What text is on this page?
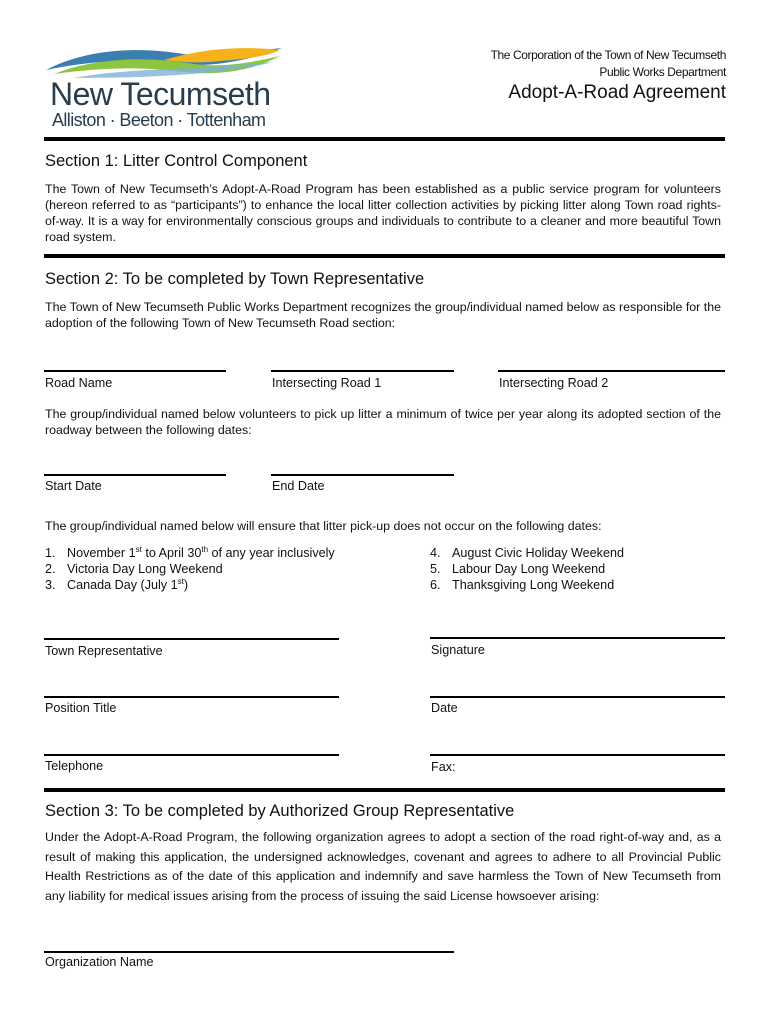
New Tecumseth
Alliston · Beeton · Tottenham
The Corporation of the Town of New Tecumseth
Public Works Department
Adopt-A-Road Agreement
Section 1: Litter Control Component
The Town of New Tecumseth’s Adopt-A-Road Program has been established as a public service program for volunteers (hereon referred to as “participants”) to enhance the local litter collection activities by picking litter along Town road rights-of-way. It is a way for environmentally conscious groups and individuals to contribute to a cleaner and more beautiful Town road system.
Section 2: To be completed by Town Representative
The Town of New Tecumseth Public Works Department recognizes the group/individual named below as responsible for the adoption of the following Town of New Tecumseth Road section:
Road Name	Intersecting Road 1	Intersecting Road 2
The group/individual named below volunteers to pick up litter a minimum of twice per year along its adopted section of the roadway between the following dates:
Start Date	End Date
The group/individual named below will ensure that litter pick-up does not occur on the following dates:
1. November 1st to April 30th of any year inclusively
2. Victoria Day Long Weekend
3. Canada Day (July 1st)
4. August Civic Holiday Weekend
5. Labour Day Long Weekend
6. Thanksgiving Long Weekend
Town Representative	Signature
Position Title	Date
Telephone	Fax:
Section 3: To be completed by Authorized Group Representative
Under the Adopt-A-Road Program, the following organization agrees to adopt a section of the road right-of-way and, as a result of making this application, the undersigned acknowledges, covenant and agrees to adhere to all Provincial Public Health Restrictions as of the date of this application and indemnify and save harmless the Town of New Tecumseth from any liability for medical issues arising from the process of issuing the said License howsoever arising:
Organization Name
